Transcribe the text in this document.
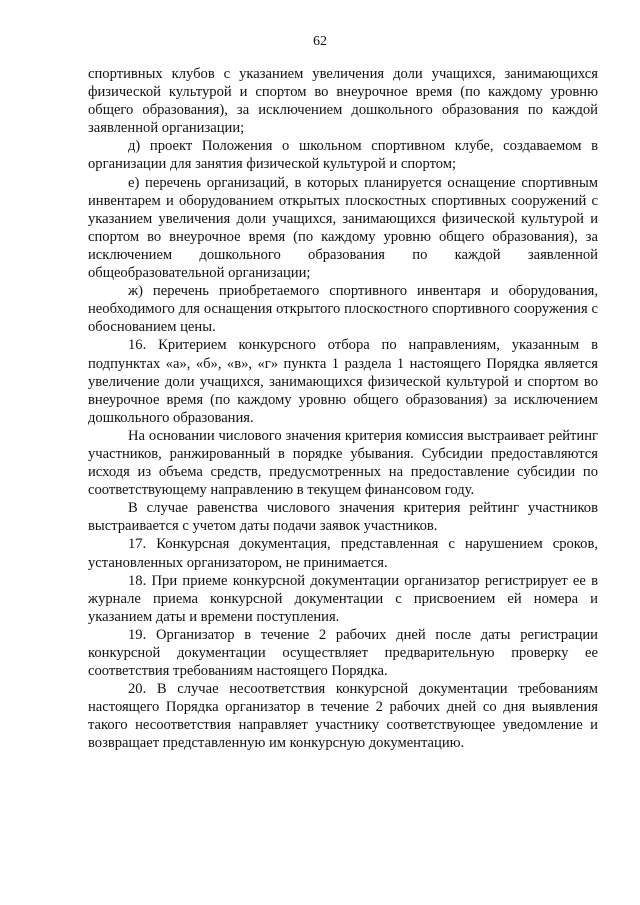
62

спортивных клубов с указанием увеличения доли учащихся, занимающихся физической культурой и спортом во внеурочное время (по каждому уровню общего образования), за исключением дошкольного образования по каждой заявленной организации;

д) проект Положения о школьном спортивном клубе, создаваемом в организации для занятия физической культурой и спортом;

е) перечень организаций, в которых планируется оснащение спортивным инвентарем и оборудованием открытых плоскостных спортивных сооружений с указанием увеличения доли учащихся, занимающихся физической культурой и спортом во внеурочное время (по каждому уровню общего образования), за исключением дошкольного образования по каждой заявленной общеобразовательной организации;

ж) перечень приобретаемого спортивного инвентаря и оборудования, необходимого для оснащения открытого плоскостного спортивного сооружения с обоснованием цены.

16. Критерием конкурсного отбора по направлениям, указанным в подпунктах «а», «б», «в», «г» пункта 1 раздела 1 настоящего Порядка является увеличение доли учащихся, занимающихся физической культурой и спортом во внеурочное время (по каждому уровню общего образования) за исключением дошкольного образования.

На основании числового значения критерия комиссия выстраивает рейтинг участников, ранжированный в порядке убывания. Субсидии предоставляются исходя из объема средств, предусмотренных на предоставление субсидии по соответствующему направлению в текущем финансовом году.

В случае равенства числового значения критерия рейтинг участников выстраивается с учетом даты подачи заявок участников.

17. Конкурсная документация, представленная с нарушением сроков, установленных организатором, не принимается.

18. При приеме конкурсной документации организатор регистрирует ее в журнале приема конкурсной документации с присвоением ей номера и указанием даты и времени поступления.

19. Организатор в течение 2 рабочих дней после даты регистрации конкурсной документации осуществляет предварительную проверку ее соответствия требованиям настоящего Порядка.

20. В случае несоответствия конкурсной документации требованиям настоящего Порядка организатор в течение 2 рабочих дней со дня выявления такого несоответствия направляет участнику соответствующее уведомление и возвращает представленную им конкурсную документацию.
